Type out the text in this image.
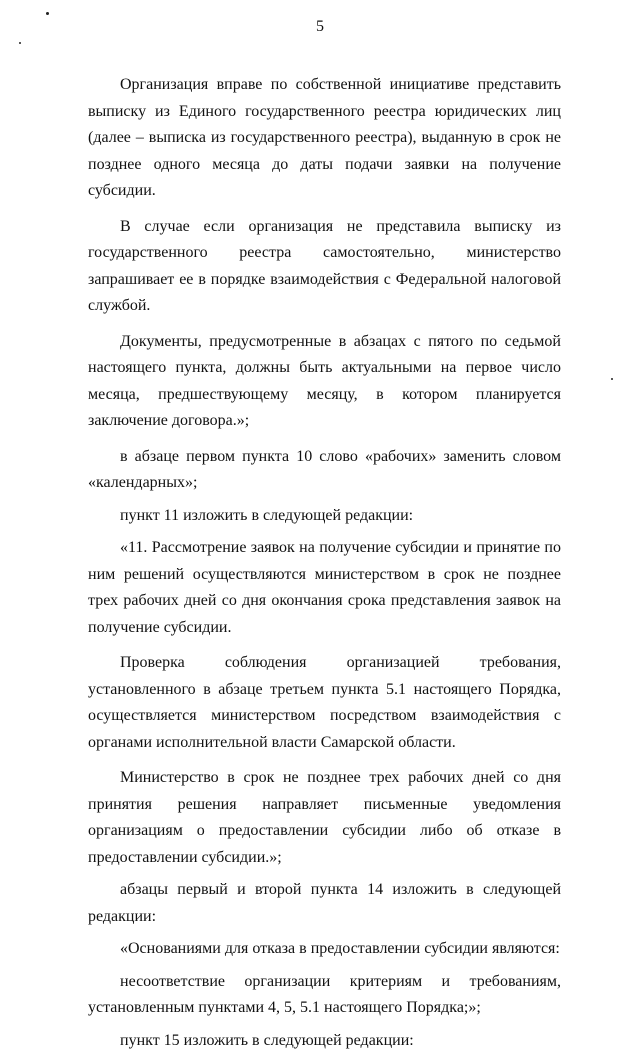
5

Организация вправе по собственной инициативе представить выписку из Единого государственного реестра юридических лиц (далее – выписка из государственного реестра), выданную в срок не позднее одного месяца до даты подачи заявки на получение субсидии.

В случае если организация не представила выписку из государственного реестра самостоятельно, министерство запрашивает ее в порядке взаимодействия с Федеральной налоговой службой.

Документы, предусмотренные в абзацах с пятого по седьмой настоящего пункта, должны быть актуальными на первое число месяца, предшествующему месяцу, в котором планируется заключение договора.»;

в абзаце первом пункта 10 слово «рабочих» заменить словом «календарных»;

пункт 11 изложить в следующей редакции:

«11. Рассмотрение заявок на получение субсидии и принятие по ним решений осуществляются министерством в срок не позднее трех рабочих дней со дня окончания срока представления заявок на получение субсидии.

Проверка соблюдения организацией требования, установленного в абзаце третьем пункта 5.1 настоящего Порядка, осуществляется министерством посредством взаимодействия с органами исполнительной власти Самарской области.

Министерство в срок не позднее трех рабочих дней со дня принятия решения направляет письменные уведомления организациям о предоставлении субсидии либо об отказе в предоставлении субсидии.»;

абзацы первый и второй пункта 14 изложить в следующей редакции:

«Основаниями для отказа в предоставлении субсидии являются:

несоответствие организации критериям и требованиям, установленным пунктами 4, 5, 5.1 настоящего Порядка;»;

пункт 15 изложить в следующей редакции:
